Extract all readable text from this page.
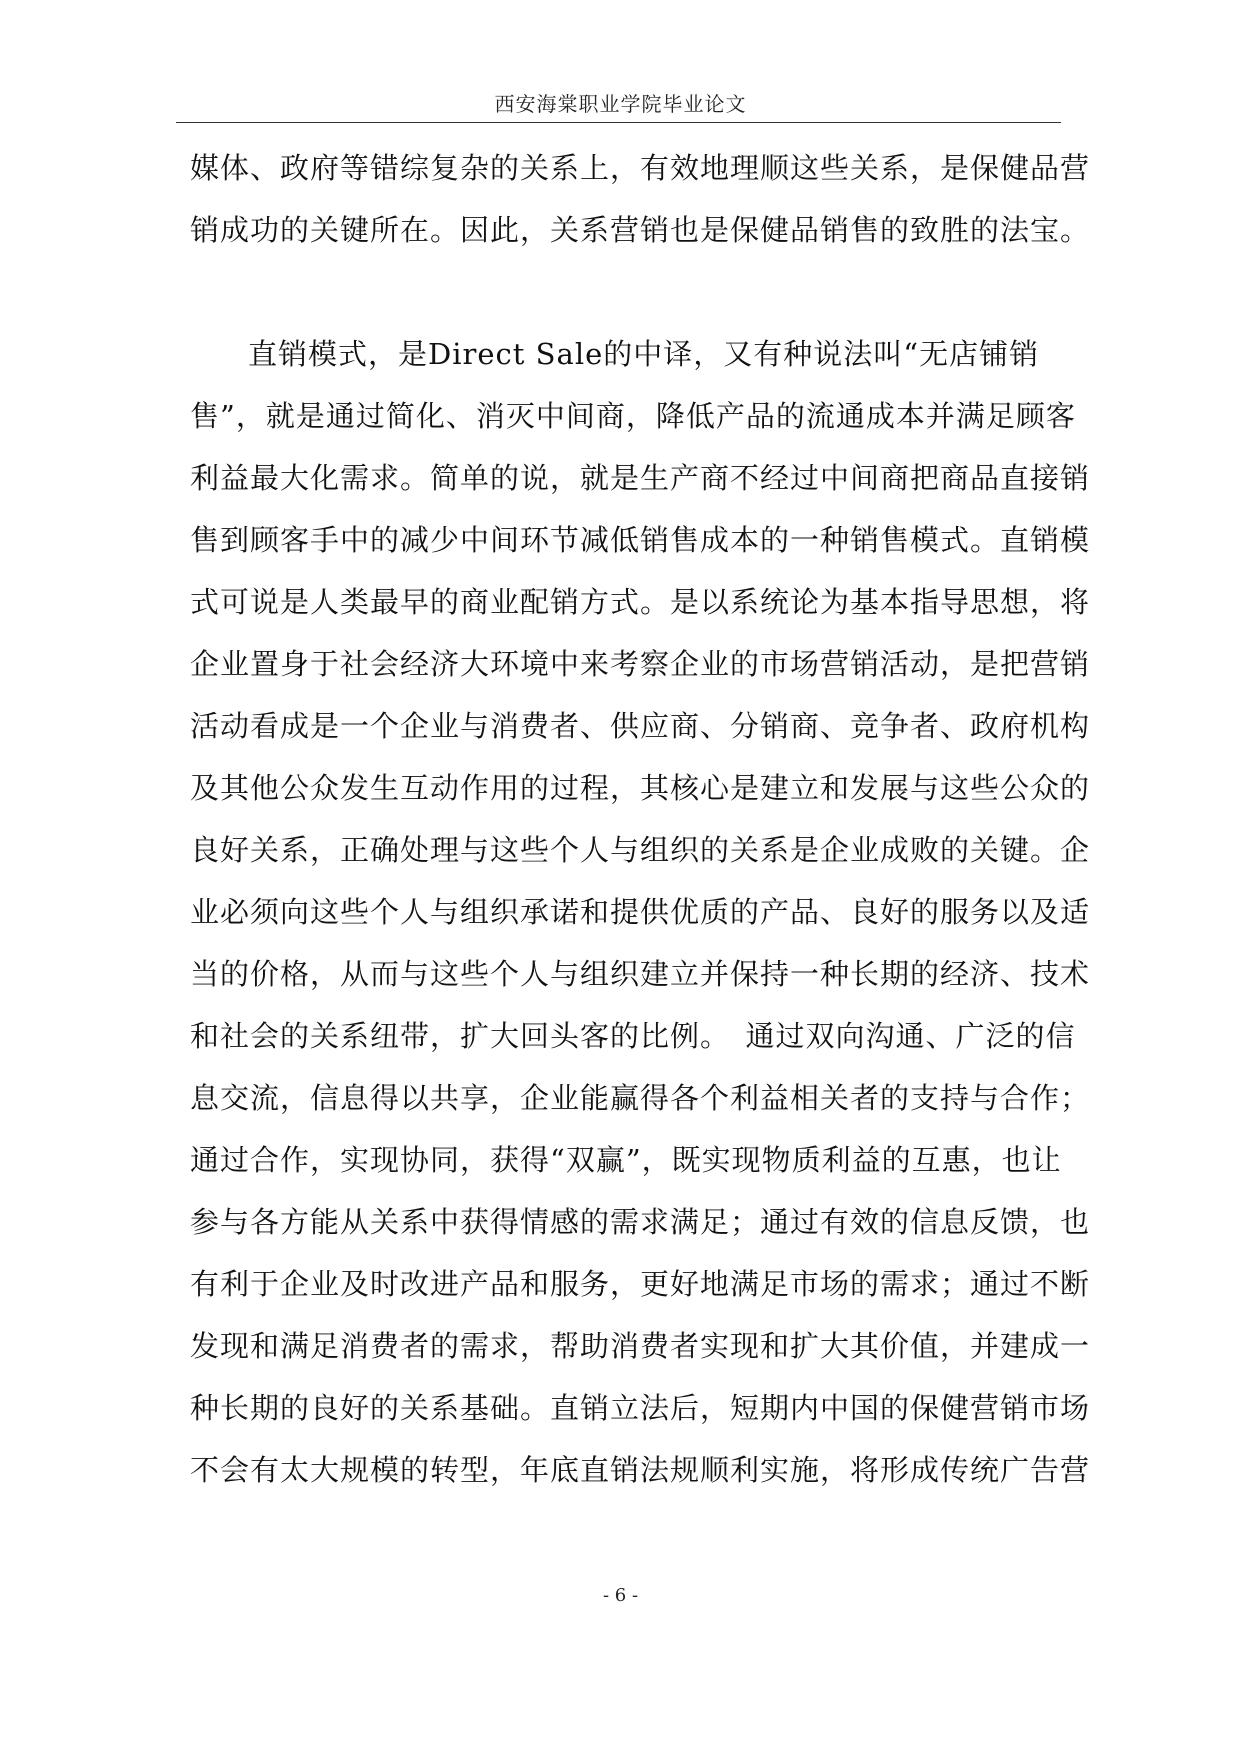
西安海棠职业学院毕业论文
媒体、政府等错综复杂的关系上，有效地理顺这些关系，是保健品营
销成功的关键所在。因此，关系营销也是保健品销售的致胜的法宝。
直销模式，是Direct Sale的中译，又有种说法叫“无店铺销
售”，就是通过简化、消灭中间商，降低产品的流通成本并满足顾客
利益最大化需求。简单的说，就是生产商不经过中间商把商品直接销
售到顾客手中的减少中间环节减低销售成本的一种销售模式。直销模
式可说是人类最早的商业配销方式。是以系统论为基本指导思想，将
企业置身于社会经济大环境中来考察企业的市场营销活动，是把营销
活动看成是一个企业与消费者、供应商、分销商、竞争者、政府机构
及其他公众发生互动作用的过程，其核心是建立和发展与这些公众的
良好关系，正确处理与这些个人与组织的关系是企业成败的关键。企
业必须向这些个人与组织承诺和提供优质的产品、良好的服务以及适
当的价格，从而与这些个人与组织建立并保持一种长期的经济、技术
和社会的关系纽带，扩大回头客的比例。　通过双向沟通、广泛的信
息交流，信息得以共享，企业能赢得各个利益相关者的支持与合作；
通过合作，实现协同，获得“双赢”，既实现物质利益的互惠，也让
参与各方能从关系中获得情感的需求满足；通过有效的信息反馈，也
有利于企业及时改进产品和服务，更好地满足市场的需求；通过不断
发现和满足消费者的需求，帮助消费者实现和扩大其价值，并建成一
种长期的良好的关系基础。直销立法后，短期内中国的保健营销市场
不会有太大规模的转型，年底直销法规顺利实施，将形成传统广告营
- 6 -
